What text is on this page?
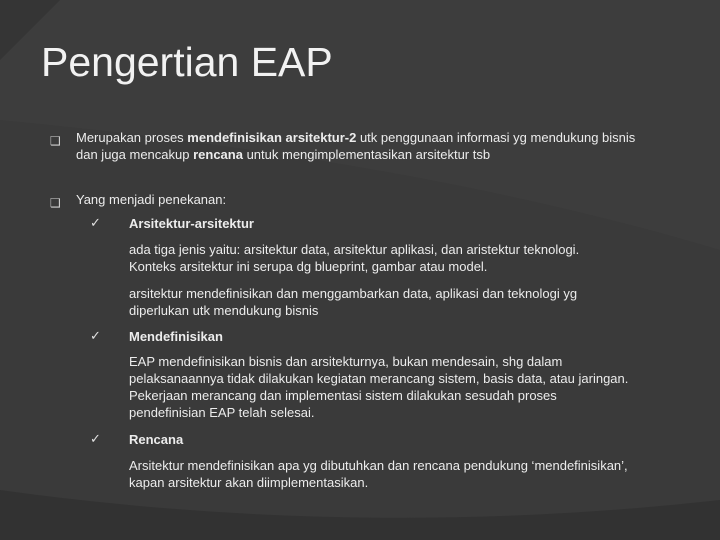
Pengertian EAP
❑ Merupakan proses mendefinisikan arsitektur-2 utk penggunaan informasi yg mendukung bisnis dan juga mencakup rencana untuk mengimplementasikan arsitektur tsb

❑ Yang menjadi penekanan:

✓ Arsitektur-arsitektur

ada tiga jenis yaitu: arsitektur data, arsitektur aplikasi, dan aristektur teknologi. Konteks arsitektur ini serupa dg blueprint, gambar atau model.

arsitektur mendefinisikan dan menggambarkan data, aplikasi dan teknologi yg diperlukan utk mendukung bisnis

✓ Mendefinisikan

EAP mendefinisikan bisnis dan arsitekturnya, bukan mendesain, shg dalam pelaksanaannya tidak dilakukan kegiatan merancang sistem, basis data, atau jaringan. Pekerjaan merancang dan implementasi sistem dilakukan sesudah proses pendefinisian EAP telah selesai.

✓ Rencana

Arsitektur mendefinisikan apa yg dibutuhkan dan rencana pendukung ‘mendefinisikan’, kapan arsitektur akan diimplementasikan.
